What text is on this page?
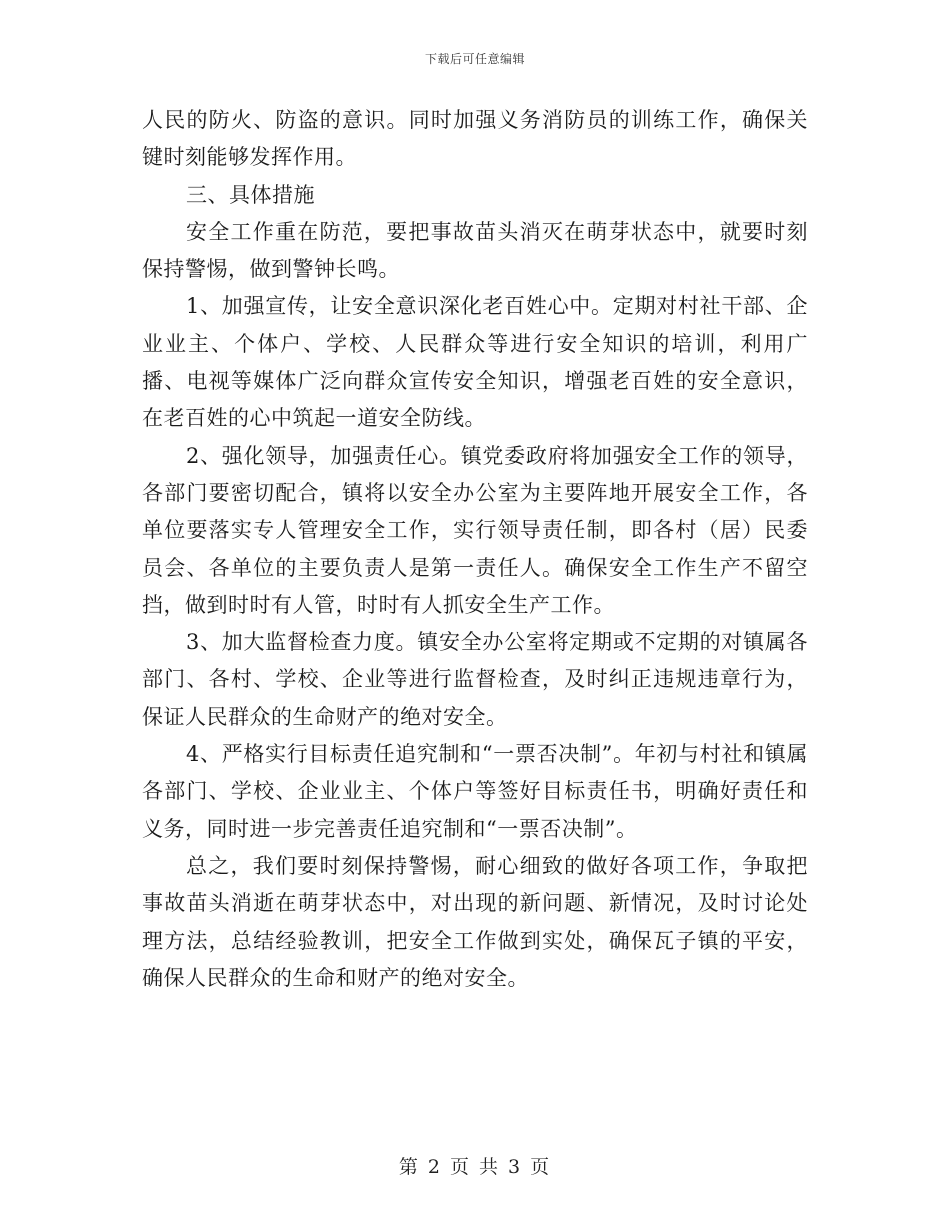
下载后可任意编辑

人民的防火、防盗的意识。同时加强义务消防员的训练工作，确保关键时刻能够发挥作用。

三、具体措施

安全工作重在防范，要把事故苗头消灭在萌芽状态中，就要时刻保持警惕，做到警钟长鸣。

1、加强宣传，让安全意识深化老百姓心中。定期对村社干部、企业业主、个体户、学校、人民群众等进行安全知识的培训，利用广播、电视等媒体广泛向群众宣传安全知识，增强老百姓的安全意识，在老百姓的心中筑起一道安全防线。

2、强化领导，加强责任心。镇党委政府将加强安全工作的领导，各部门要密切配合，镇将以安全办公室为主要阵地开展安全工作，各单位要落实专人管理安全工作，实行领导责任制，即各村（居）民委员会、各单位的主要负责人是第一责任人。确保安全工作生产不留空挡，做到时时有人管，时时有人抓安全生产工作。

3、加大监督检查力度。镇安全办公室将定期或不定期的对镇属各部门、各村、学校、企业等进行监督检查，及时纠正违规违章行为，保证人民群众的生命财产的绝对安全。

4、严格实行目标责任追究制和“一票否决制”。年初与村社和镇属各部门、学校、企业业主、个体户等签好目标责任书，明确好责任和义务，同时进一步完善责任追究制和“一票否决制”。

总之，我们要时刻保持警惕，耐心细致的做好各项工作，争取把事故苗头消逝在萌芽状态中，对出现的新问题、新情况，及时讨论处理方法，总结经验教训，把安全工作做到实处，确保瓦子镇的平安，确保人民群众的生命和财产的绝对安全。

第 2 页 共 3 页
